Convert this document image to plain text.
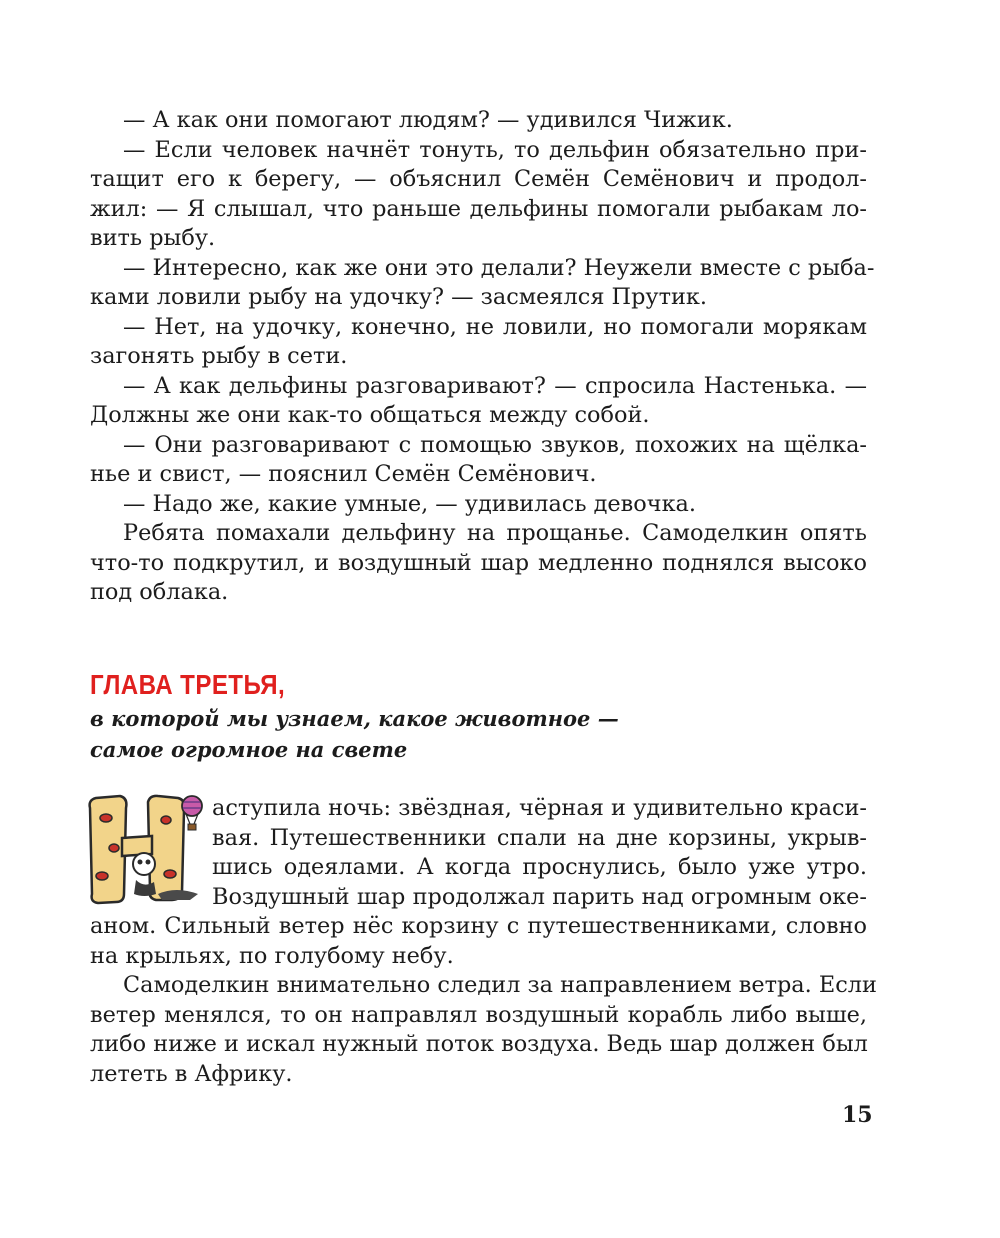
— А как они помогают людям? — удивился Чижик.
— Если человек начнёт тонуть, то дельфин обязательно при-
тащит его к берегу, — объяснил Семён Семёнович и продол-
жил: — Я слышал, что раньше дельфины помогали рыбакам ло-
вить рыбу.
— Интересно, как же они это делали? Неужели вместе с рыба-
ками ловили рыбу на удочку? — засмеялся Прутик.
— Нет, на удочку, конечно, не ловили, но помогали морякам
загонять рыбу в сети.
— А как дельфины разговаривают? — спросила Настенька. —
Должны же они как-то общаться между собой.
— Они разговаривают с помощью звуков, похожих на щёлка-
нье и свист, — пояснил Семён Семёнович.
— Надо же, какие умные, — удивилась девочка.
Ребята помахали дельфину на прощанье. Самоделкин опять
что-то подкрутил, и воздушный шар медленно поднялся высоко
под облака.
ГЛАВА ТРЕТЬЯ,
в которой мы узнаем, какое животное —
самое огромное на свете
аступила ночь: звёздная, чёрная и удивительно краси-
вая. Путешественники спали на дне корзины, укрыв-
шись одеялами. А когда проснулись, было уже утро.
Воздушный шар продолжал парить над огромным оке-
аном. Сильный ветер нёс корзину с путешественниками, словно
на крыльях, по голубому небу.
Самоделкин внимательно следил за направлением ветра. Если
ветер менялся, то он направлял воздушный корабль либо выше,
либо ниже и искал нужный поток воздуха. Ведь шар должен был
лететь в Африку.
15
